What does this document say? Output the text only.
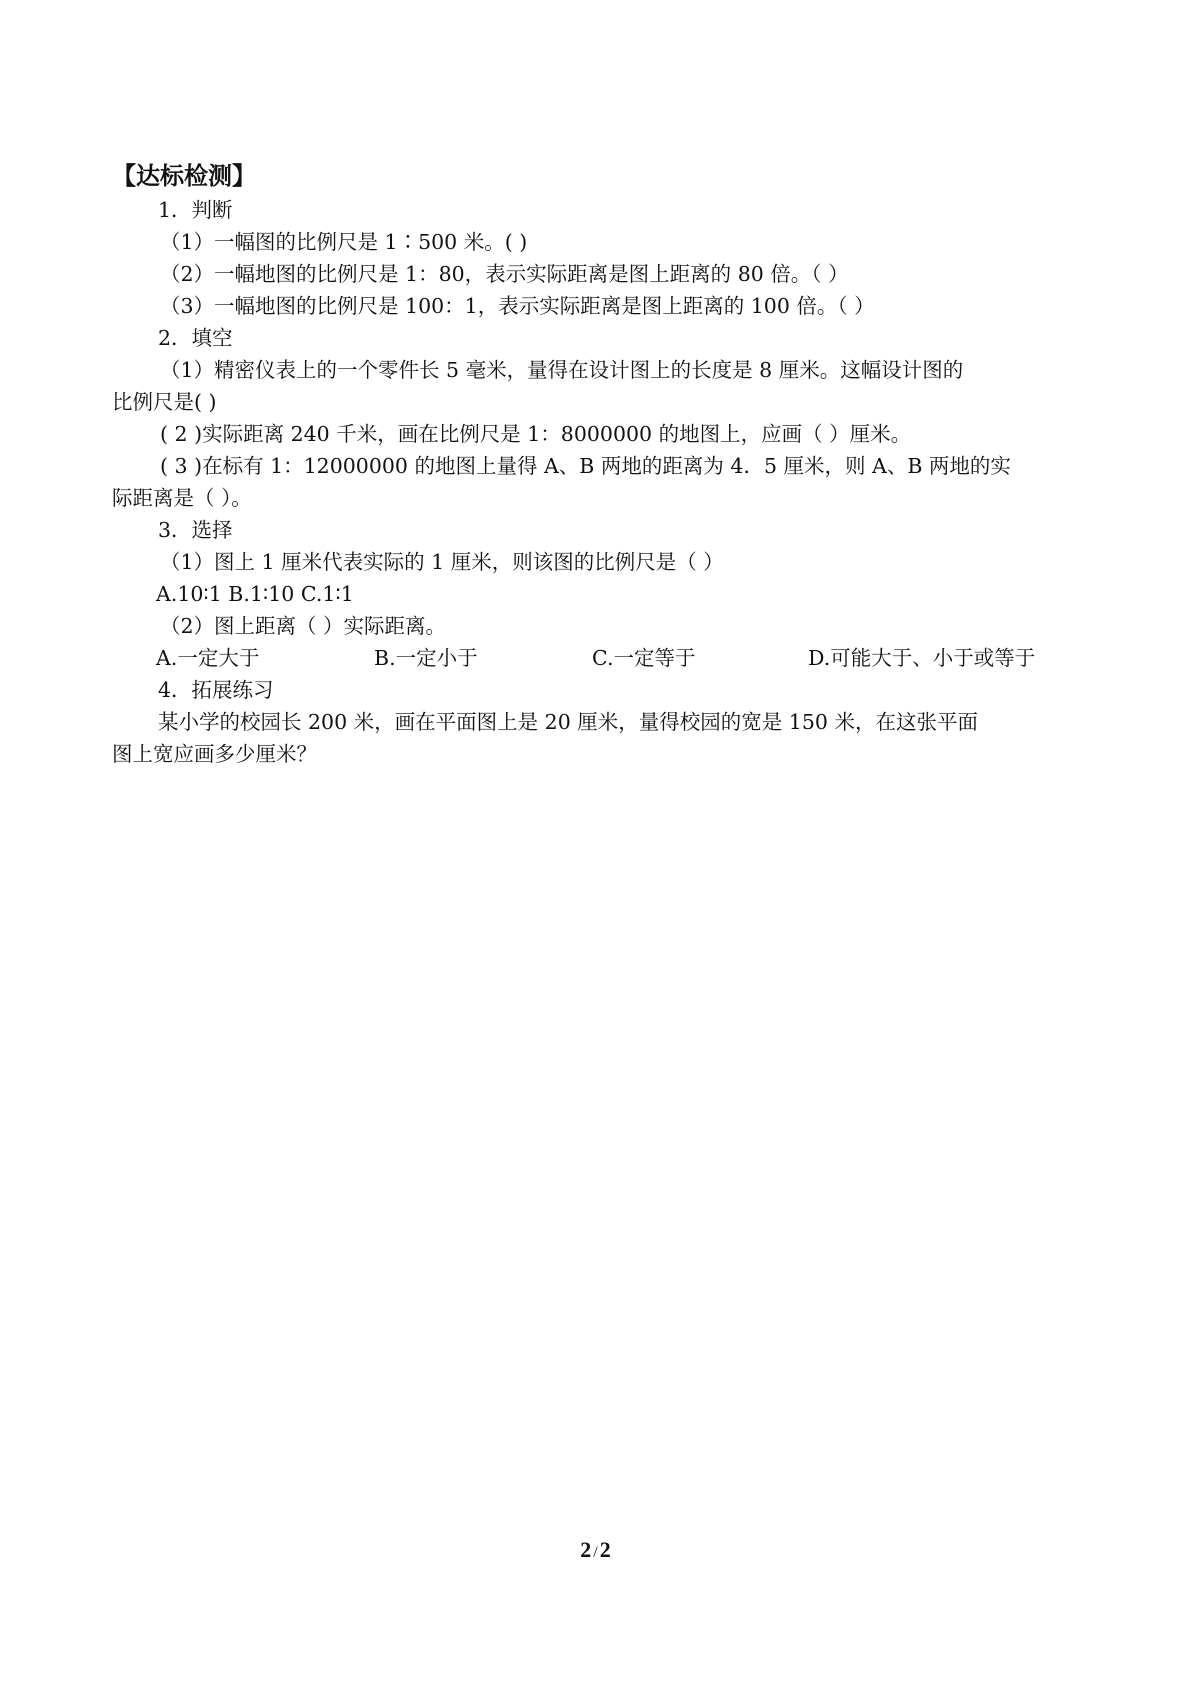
【达标检测】
1．判断
（1）一幅图的比例尺是 1∶500 米。( )
（2）一幅地图的比例尺是 1：80，表示实际距离是图上距离的 80 倍。（ ）
（3）一幅地图的比例尺是 100：1，表示实际距离是图上距离的 100 倍。（ ）
2．填空
（1）精密仪表上的一个零件长 5 毫米，量得在设计图上的长度是 8 厘米。这幅设计图的
比例尺是( )
( 2 )实际距离 240 千米，画在比例尺是 1：8000000 的地图上，应画（ ）厘米。
( 3 )在标有 1：12000000 的地图上量得 A、B 两地的距离为 4．5 厘米，则 A、B 两地的实
际距离是（ ）。
3．选择
（1）图上 1 厘米代表实际的 1 厘米，则该图的比例尺是（ ）
A.10∶1 B.1∶10 C.1∶1
（2）图上距离（ ）实际距离。
A.一定大于	B.一定小于	C.一定等于	D.可能大于、小于或等于
4．拓展练习
某小学的校园长 200 米，画在平面图上是 20 厘米，量得校园的宽是 150 米，在这张平面
图上宽应画多少厘米？
2 /2
